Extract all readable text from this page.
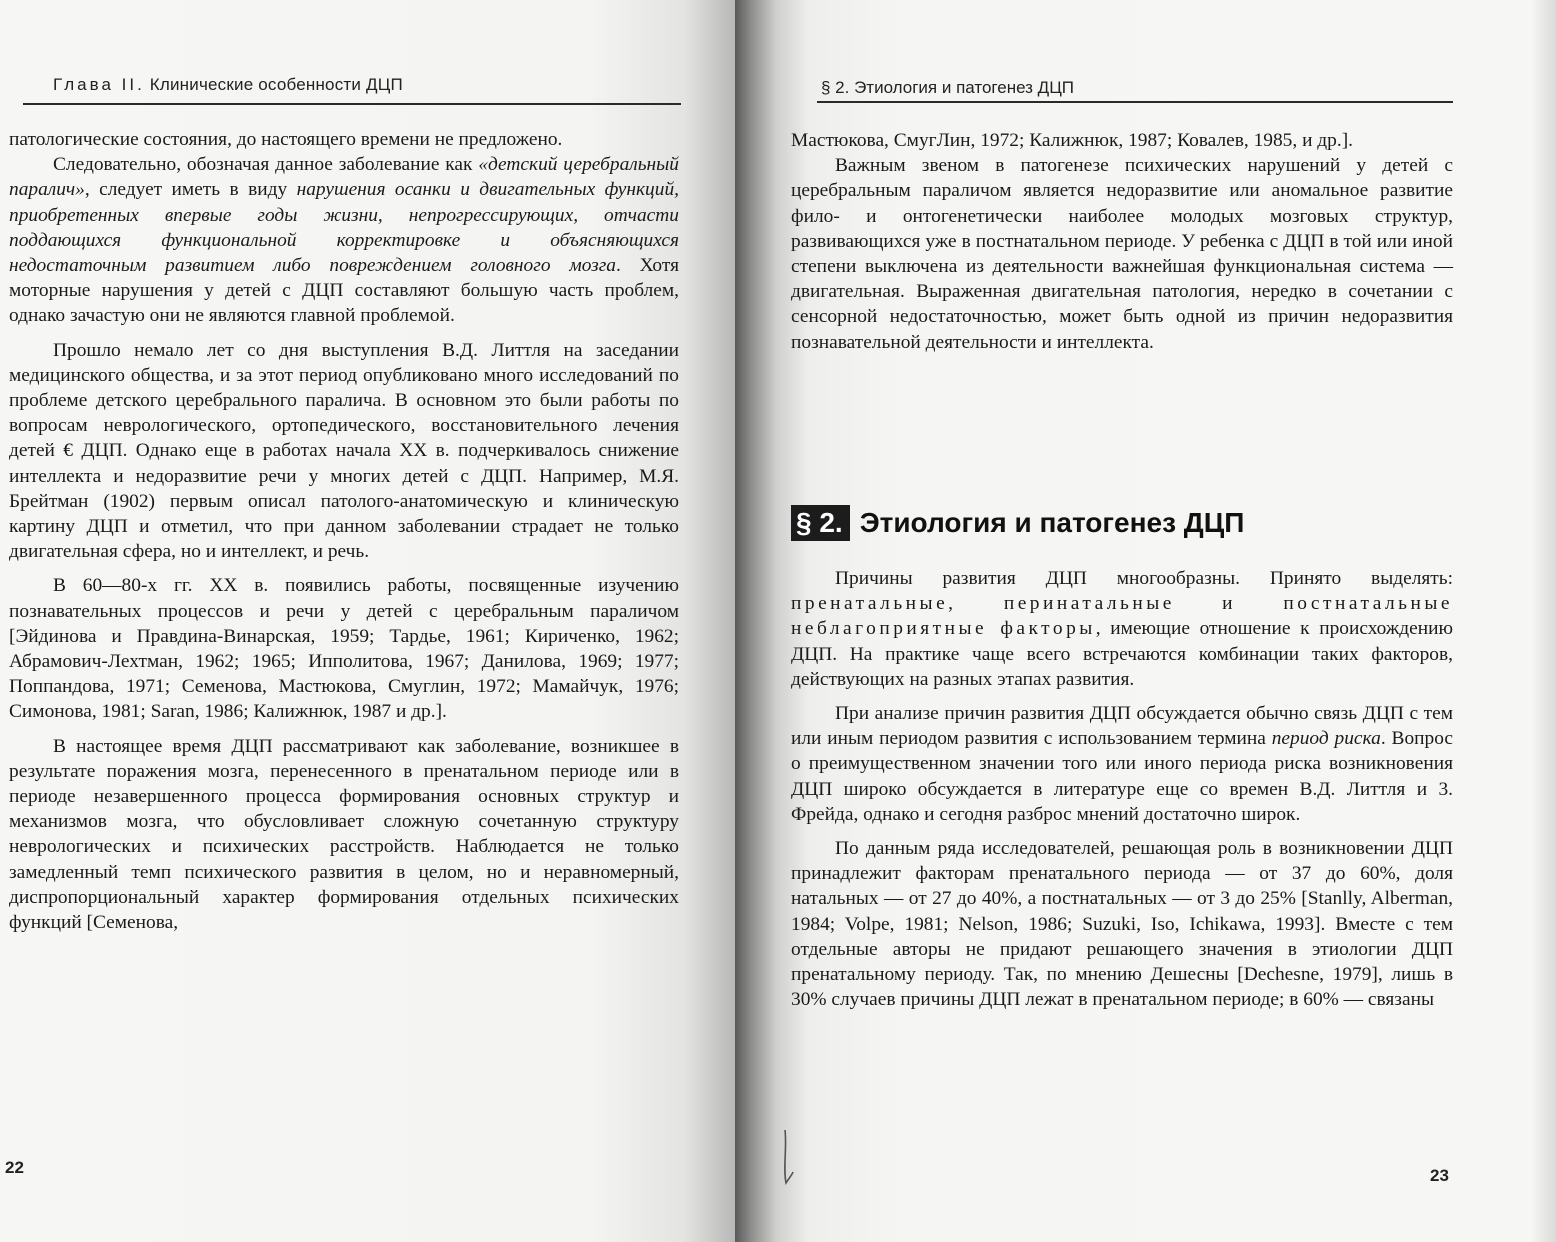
Глава II. Клинические особенности ДЦП

патологические состояния, до настоящего времени не предложено.

Следовательно, обозначая данное заболевание как «детский церебральный паралич», следует иметь в виду нарушения осанки и двигательных функций, приобретенных впервые годы жизни, непрогрессирующих, отчасти поддающихся функциональной корректировке и объясняющихся недостаточным развитием либо повреждением головного мозга. Хотя моторные нарушения у детей с ДЦП составляют большую часть проблем, однако зачастую они не являются главной проблемой.

Прошло немало лет со дня выступления В.Д. Литтля на заседании медицинского общества, и за этот период опубликовано много исследований по проблеме детского церебрального паралича. В основном это были работы по вопросам неврологического, ортопедического, восстановительного лечения детей € ДЦП. Однако еще в работах начала XX в. подчеркивалось снижение интеллекта и недоразвитие речи у многих детей с ДЦП. Например, М.Я. Брейтман (1902) первым описал патолого-анатомическую и клиническую картину ДЦП и отметил, что при данном заболевании страдает не только двигательная сфера, но и интеллект, и речь.

В 60—80-х гг. XX в. появились работы, посвященные изучению познавательных процессов и речи у детей с церебральным параличом [Эйдинова и Правдина-Винарская, 1959; Тардье, 1961; Кириченко, 1962; Абрамович-Лехтман, 1962; 1965; Ипполитова, 1967; Данилова, 1969; 1977; Поппандова, 1971; Семенова, Мастюкова, Смуглин, 1972; Мамайчук, 1976; Симонова, 1981; Saran, 1986; Калижнюк, 1987 и др.].

В настоящее время ДЦП рассматривают как заболевание, возникшее в результате поражения мозга, перенесенного в пренатальном периоде или в периоде незавершенного процесса формирования основных структур и механизмов мозга, что обусловливает сложную сочетанную структуру неврологических и психических расстройств. Наблюдается не только замедленный темп психического развития в целом, но и неравномерный, диспропорциональный характер формирования отдельных психических функций [Семенова,

22
§ 2. Этиология и патогенез ДЦП

Мастюкова, СмугЛин, 1972; Калижнюк, 1987; Ковалев, 1985, и др.].

Важным звеном в патогенезе психических нарушений у детей с церебральным параличом является недоразвитие или аномальное развитие фило- и онтогенетически наиболее молодых мозговых структур, развивающихся уже в постнатальном периоде. У ребенка с ДЦП в той или иной степени выключена из деятельности важнейшая функциональная система — двигательная. Выраженная двигательная патология, нередко в сочетании с сенсорной недостаточностью, может быть одной из причин недоразвития познавательной деятельности и интеллекта.

§ 2. Этиология и патогенез ДЦП

Причины развития ДЦП многообразны. Принято выделять: пренатальные, перинатальные и постнатальные неблагоприятные факторы, имеющие отношение к происхождению ДЦП. На практике чаще всего встречаются комбинации таких факторов, действующих на разных этапах развития.

При анализе причин развития ДЦП обсуждается обычно связь ДЦП с тем или иным периодом развития с использованием термина период риска. Вопрос о преимущественном значении того или иного периода риска возникновения ДЦП широко обсуждается в литературе еще со времен В.Д. Литтля и 3. Фрейда, однако и сегодня разброс мнений достаточно широк.

По данным ряда исследователей, решающая роль в возникновении ДЦП принадлежит факторам пренатального периода — от 37 до 60%, доля натальных — от 27 до 40%, а постнатальных — от 3 до 25% [Stanlly, Alberman, 1984; Volpe, 1981; Nelson, 1986; Suzuki, Iso, Ichikawa, 1993]. Вместе с тем отдельные авторы не придают решающего значения в этиологии ДЦП пренатальному периоду. Так, по мнению Дешесны [Dechesne, 1979], лишь в 30% случаев причины ДЦП лежат в пренатальном периоде; в 60% — связаны

23
